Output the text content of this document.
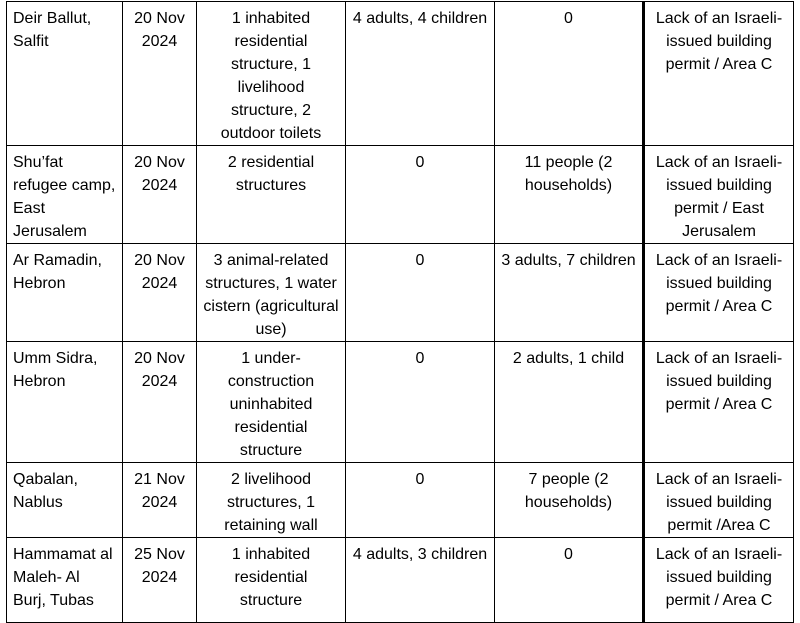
Deir Ballut, Salfit	20 Nov 2024	1 inhabited residential structure, 1 livelihood structure, 2 outdoor toilets	4 adults, 4 children	0	Lack of an Israeli-issued building permit / Area C
Shu’fat refugee camp, East Jerusalem	20 Nov 2024	2 residential structures	0	11 people (2 households)	Lack of an Israeli-issued building permit / East Jerusalem
Ar Ramadin, Hebron	20 Nov 2024	3 animal-related structures, 1 water cistern (agricultural use)	0	3 adults, 7 children	Lack of an Israeli-issued building permit / Area C
Umm Sidra, Hebron	20 Nov 2024	1 under-construction uninhabited residential structure	0	2 adults, 1 child	Lack of an Israeli-issued building permit / Area C
Qabalan, Nablus	21 Nov 2024	2 livelihood structures, 1 retaining wall	0	7 people (2 households)	Lack of an Israeli-issued building permit /Area C
Hammamat al Maleh- Al Burj, Tubas	25 Nov 2024	1 inhabited residential structure	4 adults, 3 children	0	Lack of an Israeli-issued building permit / Area C
